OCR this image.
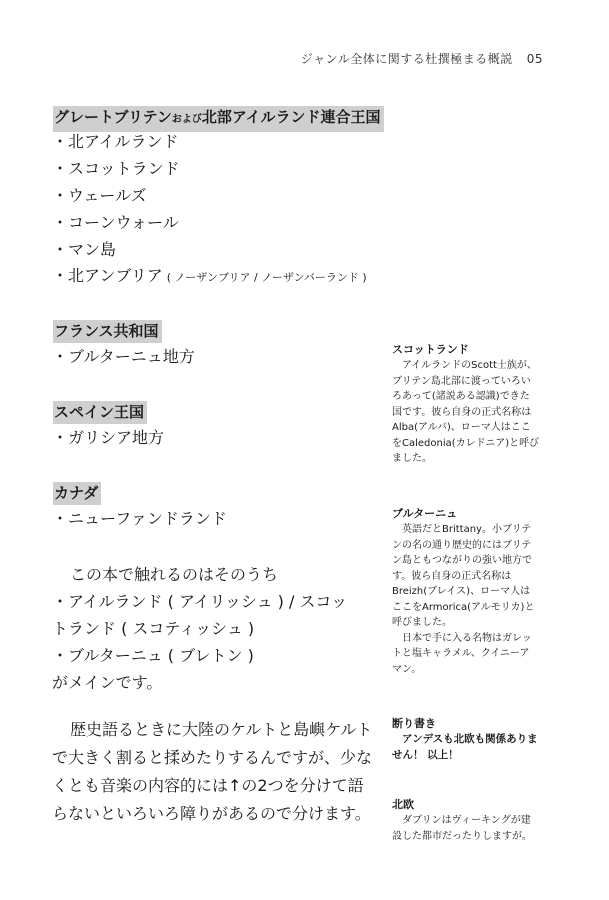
ジャンル全体に関する杜撰極まる概説 05
グレートブリテンおよび北部アイルランド連合王国
・北アイルランド
・スコットランド
・ウェールズ
・コーンウォール
・マン島
・北アンブリア ( ノーザンブリア / ノーザンバーランド )
フランス共和国
・ブルターニュ地方
スペイン王国
・ガリシア地方
カナダ
・ニューファンドランド
この本で触れるのはそのうち
・アイルランド ( アイリッシュ ) / スコッ
トランド ( スコティッシュ )
・ブルターニュ ( ブレトン )
がメインです。
歴史語るときに大陸のケルトと島嶼ケルト
で大きく割ると揉めたりするんですが、少な
くとも音楽の内容的には↑の2つを分けて語
らないといろいろ障りがあるので分けます。
スコットランド
アイルランドのScott士族が、
ブリテン島北部に渡っていろい
ろあって(諸説ある認識)できた
国です。彼ら自身の正式名称は
Alba(アルバ)、ローマ人はここ
をCaledonia(カレドニア)と呼び
ました。
ブルターニュ
英語だとBrittany。小ブリテ
ンの名の通り歴史的にはブリテ
ン島ともつながりの強い地方で
す。彼ら自身の正式名称は
Breizh(ブレイス)、ローマ人は
ここをArmorica(アルモリカ)と
呼びました。
日本で手に入る名物はガレッ
トと塩キャラメル、クイニーア
マン。
断り書き
アンデスも北欧も関係ありま
せん！ 以上！
北欧
ダブリンはヴィーキングが建
設した都市だったりしますが。
